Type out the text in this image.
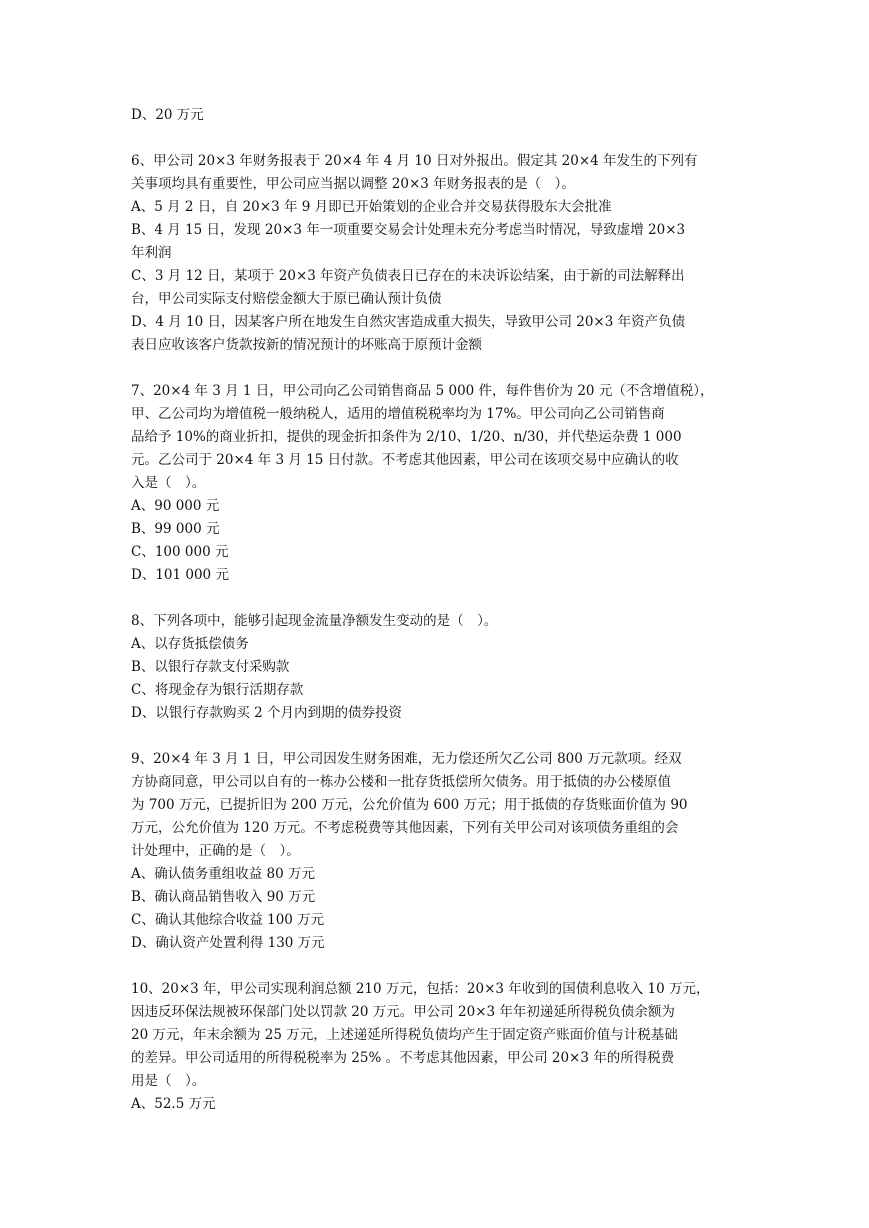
D、20 万元
6、甲公司 20×3 年财务报表于 20×4 年 4 月 10 日对外报出。假定其 20×4 年发生的下列有
关事项均具有重要性，甲公司应当据以调整 20×3 年财务报表的是（　）。
A、5 月 2 日，自 20×3 年 9 月即已开始策划的企业合并交易获得股东大会批准
B、4 月 15 日，发现 20×3 年一项重要交易会计处理未充分考虑当时情况，导致虚增 20×3
年利润
C、3 月 12 日，某项于 20×3 年资产负债表日已存在的未决诉讼结案，由于新的司法解释出
台，甲公司实际支付赔偿金额大于原已确认预计负债
D、4 月 10 日，因某客户所在地发生自然灾害造成重大损失，导致甲公司 20×3 年资产负债
表日应收该客户货款按新的情况预计的坏账高于原预计金额
7、20×4 年 3 月 1 日，甲公司向乙公司销售商品 5 000 件，每件售价为 20 元（不含增值税），
甲、乙公司均为增值税一般纳税人，适用的增值税税率均为 17%。甲公司向乙公司销售商
品给予 10%的商业折扣，提供的现金折扣条件为 2/10、1/20、n/30，并代垫运杂费 1 000
元。乙公司于 20×4 年 3 月 15 日付款。不考虑其他因素，甲公司在该项交易中应确认的收
入是（　）。
A、90 000 元
B、99 000 元
C、100 000 元
D、101 000 元
8、下列各项中，能够引起现金流量净额发生变动的是（　）。
A、以存货抵偿债务
B、以银行存款支付采购款
C、将现金存为银行活期存款
D、以银行存款购买 2 个月内到期的债券投资
9、20×4 年 3 月 1 日，甲公司因发生财务困难，无力偿还所欠乙公司 800 万元款项。经双
方协商同意，甲公司以自有的一栋办公楼和一批存货抵偿所欠债务。用于抵债的办公楼原值
为 700 万元，已提折旧为 200 万元，公允价值为 600 万元；用于抵债的存货账面价值为 90
万元，公允价值为 120 万元。不考虑税费等其他因素，下列有关甲公司对该项债务重组的会
计处理中，正确的是（　）。
A、确认债务重组收益 80 万元
B、确认商品销售收入 90 万元
C、确认其他综合收益 100 万元
D、确认资产处置利得 130 万元
10、20×3 年，甲公司实现利润总额 210 万元，包括：20×3 年收到的国债利息收入 10 万元，
因违反环保法规被环保部门处以罚款 20 万元。甲公司 20×3 年年初递延所得税负债余额为
20 万元，年末余额为 25 万元，上述递延所得税负债均产生于固定资产账面价值与计税基础
的差异。甲公司适用的所得税税率为 25% 。不考虑其他因素，甲公司 20×3 年的所得税费
用是（　）。
A、52.5 万元
